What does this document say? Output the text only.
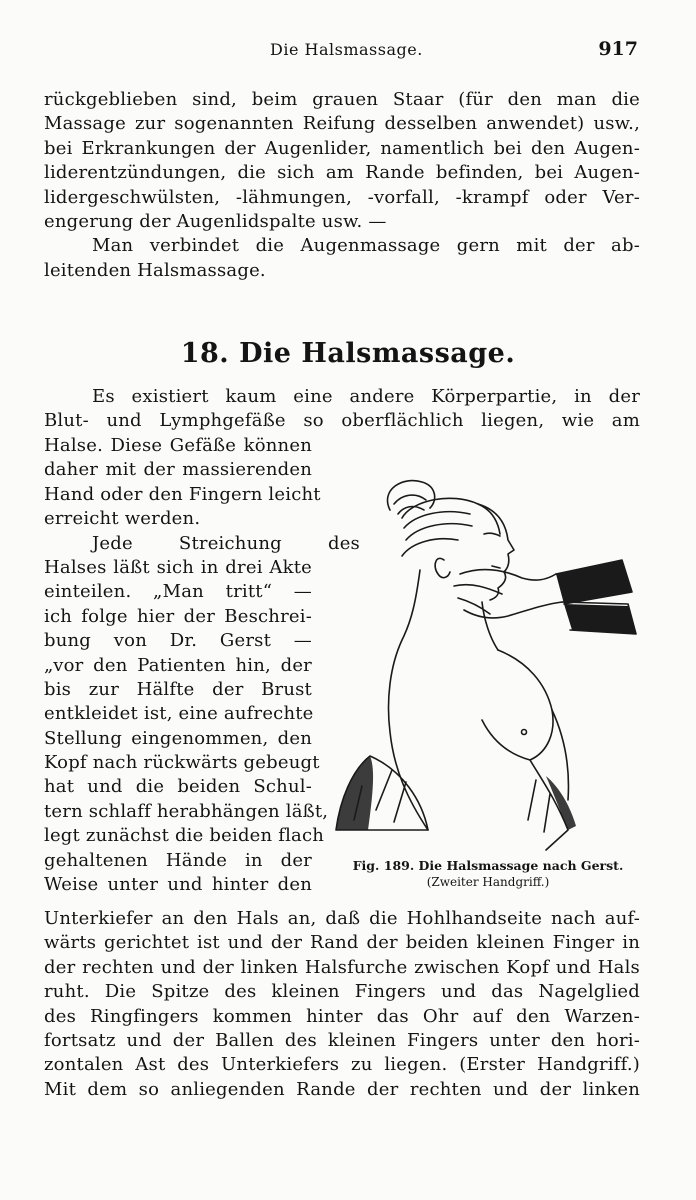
Die Halsmassage.	917
rückgeblieben sind, beim grauen Staar (für den man die
Massage zur sogenannten Reifung desselben anwendet) usw.,
bei Erkrankungen der Augenlider, namentlich bei den Augen-
liderentzündungen, die sich am Rande befinden, bei Augen-
lidergeschwülsten, -lähmungen, -vorfall, -krampf oder Ver-
engerung der Augenlidspalte usw. —
Man verbindet die Augenmassage gern mit der ab-
leitenden Halsmassage.
18. Die Halsmassage.
Es existiert kaum eine andere Körperpartie, in der
Blut- und Lymphgefäße so oberflächlich liegen, wie am
Halse. Diese Gefäße können
daher mit der massierenden
Hand oder den Fingern leicht
erreicht werden.
Jede Streichung des
Halses läßt sich in drei Akte
einteilen. „Man tritt“ —
ich folge hier der Beschrei-
bung von Dr. Gerst —
„vor den Patienten hin, der
bis zur Hälfte der Brust
entkleidet ist, eine aufrechte
Stellung eingenommen, den
Kopf nach rückwärts gebeugt
hat und die beiden Schul-
tern schlaff herabhängen läßt,
legt zunächst die beiden flach
gehaltenen Hände in der
Weise unter und hinter den
Fig. 189. Die Halsmassage nach Gerst.
(Zweiter Handgriff.)
Unterkiefer an den Hals an, daß die Hohlhandseite nach auf-
wärts gerichtet ist und der Rand der beiden kleinen Finger in
der rechten und der linken Halsfurche zwischen Kopf und Hals
ruht. Die Spitze des kleinen Fingers und das Nagelglied
des Ringfingers kommen hinter das Ohr auf den Warzen-
fortsatz und der Ballen des kleinen Fingers unter den hori-
zontalen Ast des Unterkiefers zu liegen. (Erster Handgriff.)
Mit dem so anliegenden Rande der rechten und der linken
